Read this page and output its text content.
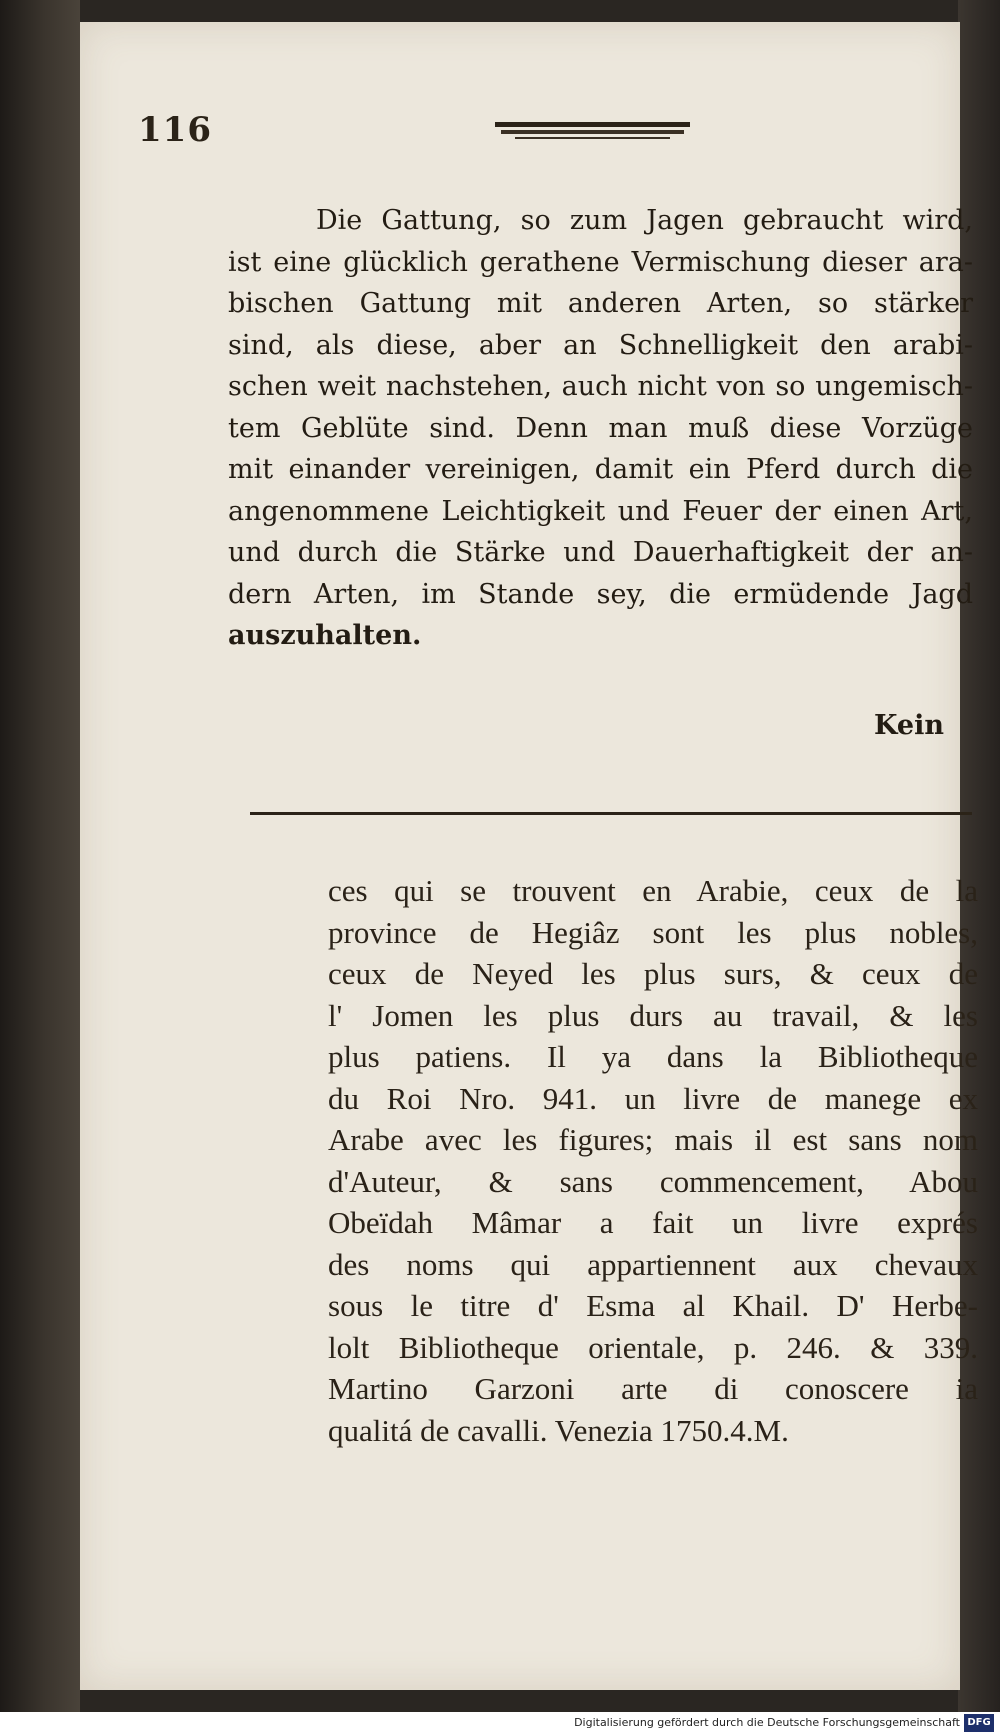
116
Die Gattung, so zum Jagen gebraucht wird,
ist eine glücklich gerathene Vermischung dieser ara-
bischen Gattung mit anderen Arten, so stärker
sind, als diese, aber an Schnelligkeit den arabi-
schen weit nachstehen, auch nicht von so ungemisch-
tem Geblüte sind. Denn man muß diese Vorzüge
mit einander vereinigen, damit ein Pferd durch die
angenommene Leichtigkeit und Feuer der einen Art,
und durch die Stärke und Dauerhaftigkeit der an-
dern Arten, im Stande sey, die ermüdende Jagd
auszuhalten.
Kein
ces qui se trouvent en Arabie, ceux de la
province de Hegiâz sont les plus nobles,
ceux de Neyed les plus surs, & ceux de
l' Jomen les plus durs au travail, & les
plus patiens. Il ya dans la Bibliotheque
du Roi Nro. 941. un livre de manege ex
Arabe avec les figures; mais il est sans nom
d'Auteur, & sans commencement, Abou
Obeïdah Mâmar a fait un livre exprés
des noms qui appartiennent aux chevaux
sous le titre d' Esma al Khail. D' Herbe-
lolt Bibliotheque orientale, p. 246. & 339.
Martino Garzoni arte di conoscere ia
qualitá de cavalli. Venezia 1750.4.M.
Digitalisierung gefördert durch die Deutsche Forschungsgemeinschaft DFG
